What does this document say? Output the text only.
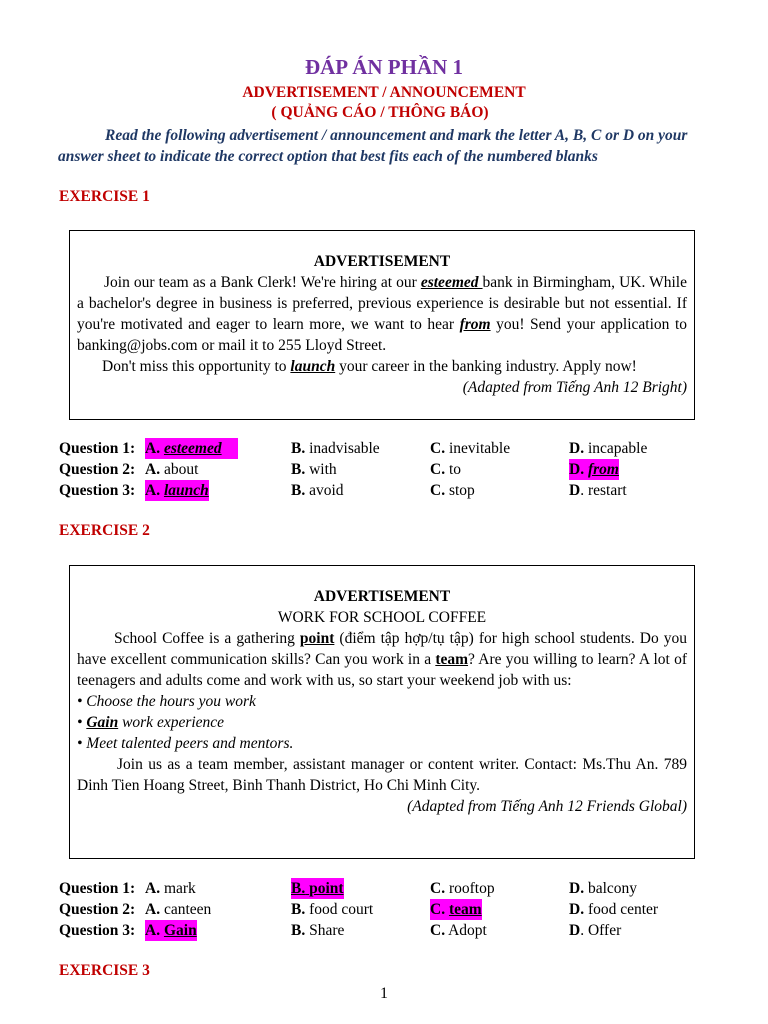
ĐÁP ÁN PHẦN 1
ADVERTISEMENT / ANNOUNCEMENT
( QUẢNG CÁO / THÔNG BÁO)
Read the following advertisement / announcement and mark the letter A, B, C or D on your answer sheet to indicate the correct option that best fits each of the numbered blanks
EXERCISE 1
ADVERTISEMENT

Join our team as a Bank Clerk! We're hiring at our esteemed bank in Birmingham, UK. While a bachelor's degree in business is preferred, previous experience is desirable but not essential. If you're motivated and eager to learn more, we want to hear from you! Send your application to banking@jobs.com or mail it to 255 Lloyd Street.

Don't miss this opportunity to launch your career in the banking industry. Apply now!

(Adapted from Tiếng Anh 12 Bright)

Question 1: A. esteemed	B. inadvisable	C. inevitable	D. incapable
Question 2: A. about	B. with	C. to	D. from
Question 3: A. launch	B. avoid	C. stop	D. restart
EXERCISE 2
ADVERTISEMENT
WORK FOR SCHOOL COFFEE

School Coffee is a gathering point (điểm tập hợp/tụ tập) for high school students. Do you have excellent communication skills? Can you work in a team? Are you willing to learn? A lot of teenagers and adults come and work with us, so start your weekend job with us:

• Choose the hours you work

• Gain work experience

• Meet talented peers and mentors.

Join us as a team member, assistant manager or content writer. Contact: Ms.Thu An. 789 Dinh Tien Hoang Street, Binh Thanh District, Ho Chi Minh City.

(Adapted from Tiếng Anh 12 Friends Global)

Question 1: A. mark	B. point	C. rooftop	D. balcony
Question 2: A. canteen	B. food court	C. team	D. food center
Question 3: A. Gain	B. Share	C. Adopt	D. Offer
EXERCISE 3
1
